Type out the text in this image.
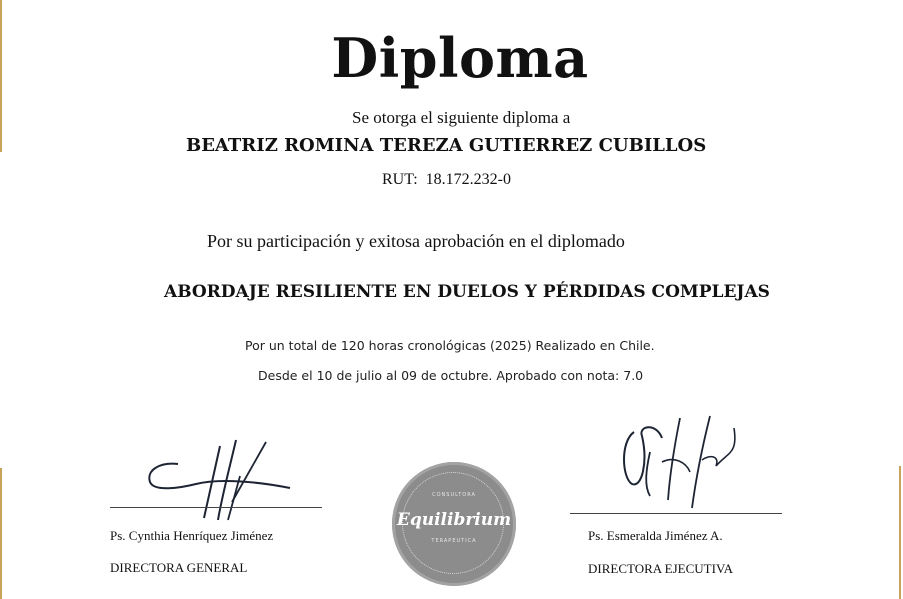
Diploma
Se otorga el siguiente diploma a
BEATRIZ ROMINA TEREZA GUTIERREZ CUBILLOS
RUT: 18.172.232-0
Por su participación y exitosa aprobación en el diplomado
ABORDAJE RESILIENTE EN DUELOS Y PÉRDIDAS COMPLEJAS
Por un total de 120 horas cronológicas (2025) Realizado en Chile.
Desde el 10 de julio al 09 de octubre. Aprobado con nota: 7.0
Ps. Cynthia Henríquez Jiménez
DIRECTORA GENERAL
CONSULTORA
Equilibrium
TERAPEUTICA	Ps. Esmeralda Jiménez A.
DIRECTORA EJECUTIVA
